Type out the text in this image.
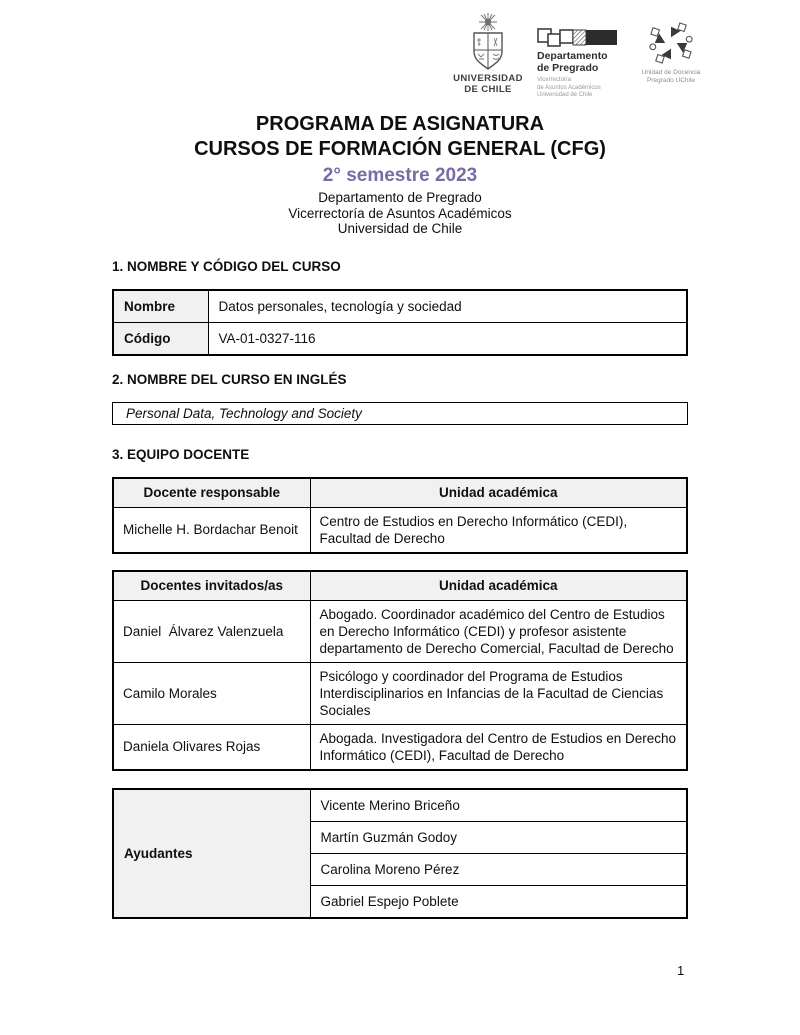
UNIVERSIDAD
DE CHILE
Departamento
de Pregrado
Vicerrectoría
de Asuntos Académicos
Universidad de Chile
Unidad de Docencia
Pregrado UChile
PROGRAMA DE ASIGNATURA
CURSOS DE FORMACIÓN GENERAL (CFG)
2° semestre 2023

Departamento de Pregrado

Vicerrectoría de Asuntos Académicos

Universidad de Chile

1. NOMBRE Y CÓDIGO DEL CURSO
Nombre	Datos personales, tecnología y sociedad
Código	VA-01-0327-116
2. NOMBRE DEL CURSO EN INGLÉS
Personal Data, Technology and Society
3. EQUIPO DOCENTE
Docente responsable	Unidad académica
Michelle H. Bordachar Benoit	Centro de Estudios en Derecho Informático (CEDI), Facultad de Derecho
Docentes invitados/as	Unidad académica
Daniel  Álvarez Valenzuela	Abogado. Coordinador académico del Centro de Estudios en Derecho Informático (CEDI) y profesor asistente departamento de Derecho Comercial, Facultad de Derecho
Camilo Morales	Psicólogo y coordinador del Programa de Estudios Interdisciplinarios en Infancias de la Facultad de Ciencias Sociales
Daniela Olivares Rojas	Abogada. Investigadora del Centro de Estudios en Derecho Informático (CEDI), Facultad de Derecho
Ayudantes	Vicente Merino Briceño
Martín Guzmán Godoy
Carolina Moreno Pérez
Gabriel Espejo Poblete
1
